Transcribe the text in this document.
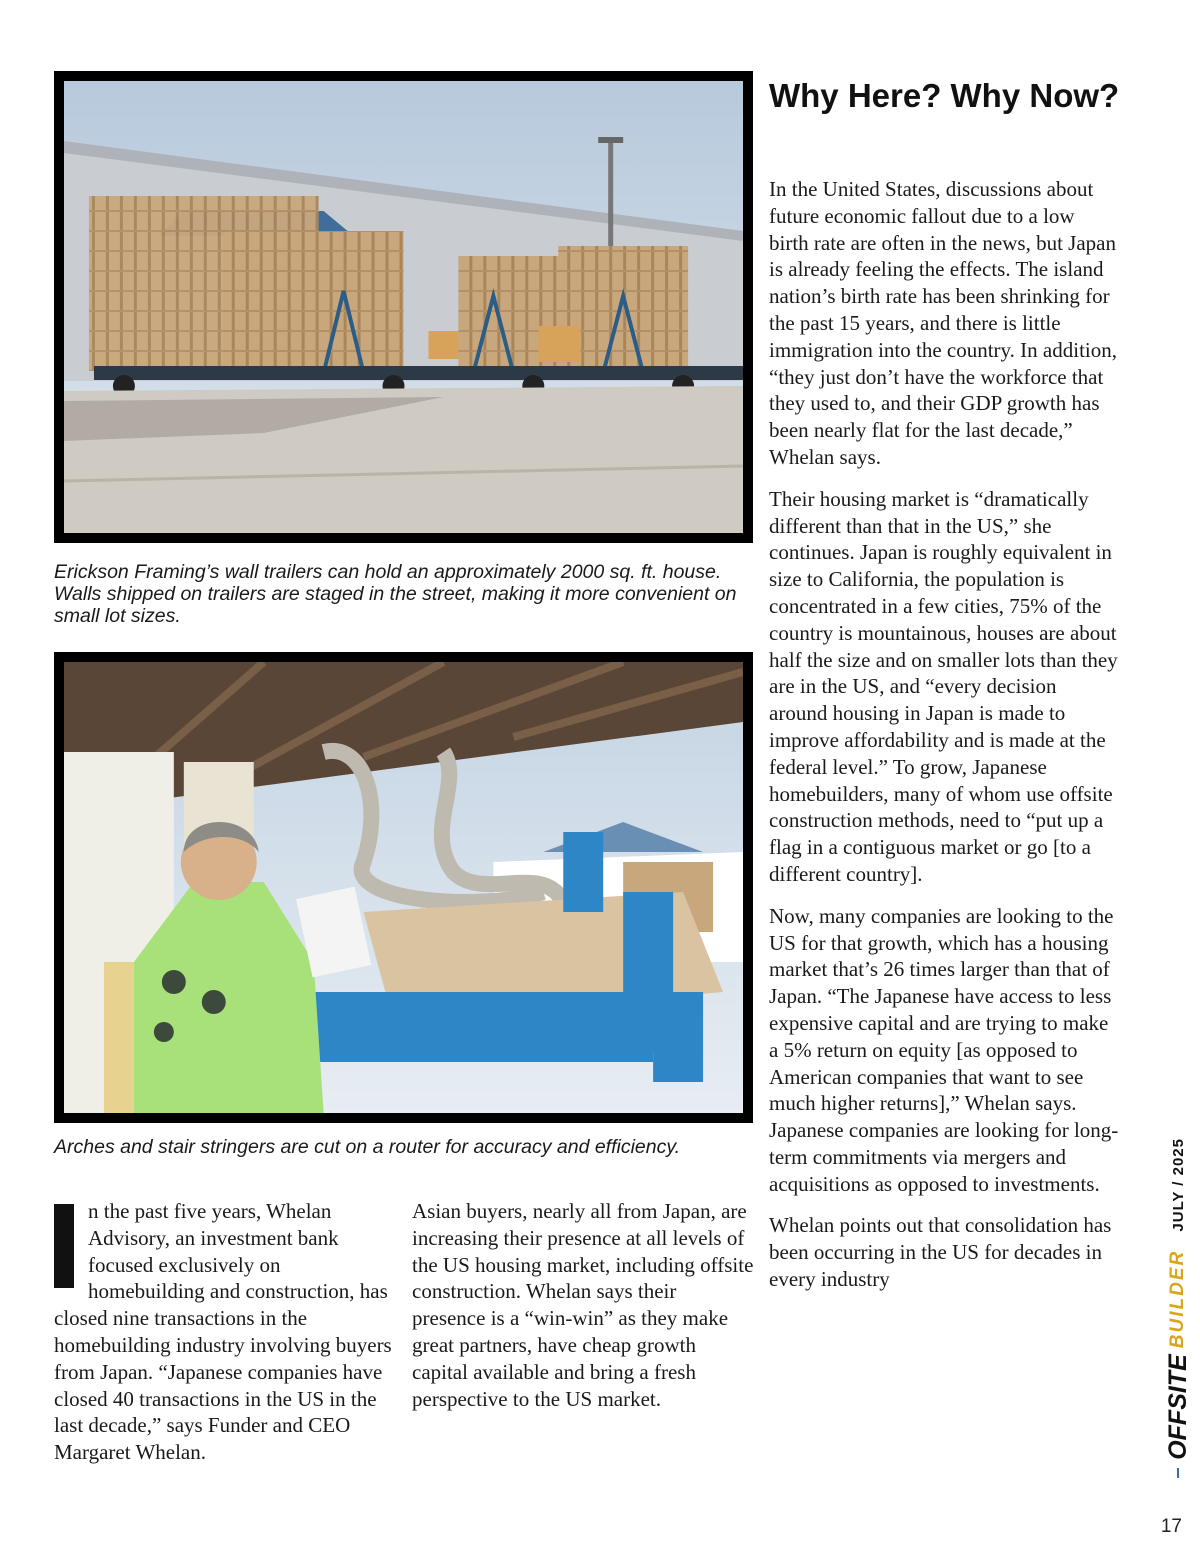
Erickson Framing’s wall trailers can hold an approximately 2000 sq. ft. house. Walls shipped on trailers are staged in the street, making it more convenient on small lot sizes.
Arches and stair stringers are cut on a router for accuracy and efficiency.

n the past five years, Whelan Advisory, an investment bank focused exclusively on homebuilding and construction, has closed nine transactions in the homebuilding industry involving buyers from Japan. “Japanese companies have closed 40 transactions in the US in the last decade,” says Funder and CEO Margaret Whelan.

Asian buyers, nearly all from Japan, are increasing their presence at all levels of the US housing market, including offsite construction. Whelan says their presence is a “win-win” as they make great partners, have cheap growth capital available and bring a fresh perspective to the US market.

Why Here? Why Now?

In the United States, discussions about future economic fallout due to a low birth rate are often in the news, but Japan is already feeling the effects. The island nation’s birth rate has been shrinking for the past 15 years, and there is little immigration into the country. In addition, “they just don’t have the workforce that they used to, and their GDP growth has been nearly flat for the last decade,” Whelan says.

Their housing market is “dramatically different than that in the US,” she continues. Japan is roughly equivalent in size to California, the population is concentrated in a few cities, 75% of the country is mountainous, houses are about half the size and on smaller lots than they are in the US, and “every decision around housing in Japan is made to improve affordability and is made at the federal level.” To grow, Japanese homebuilders, many of whom use offsite construction methods, need to “put up a flag in a contiguous market or go [to a different country].

Now, many companies are looking to the US for that growth, which has a housing market that’s 26 times larger than that of Japan. “The Japanese have access to less expensive capital and are trying to make a 5% return on equity [as opposed to American companies that want to see much higher returns],” Whelan says. Japanese companies are looking for long-term commitments via mergers and acquisitions as opposed to investments.

Whelan points out that consolidation has been occurring in the US for decades in every industry

OFFSITE
BUILDER
JULY / 2025
17
